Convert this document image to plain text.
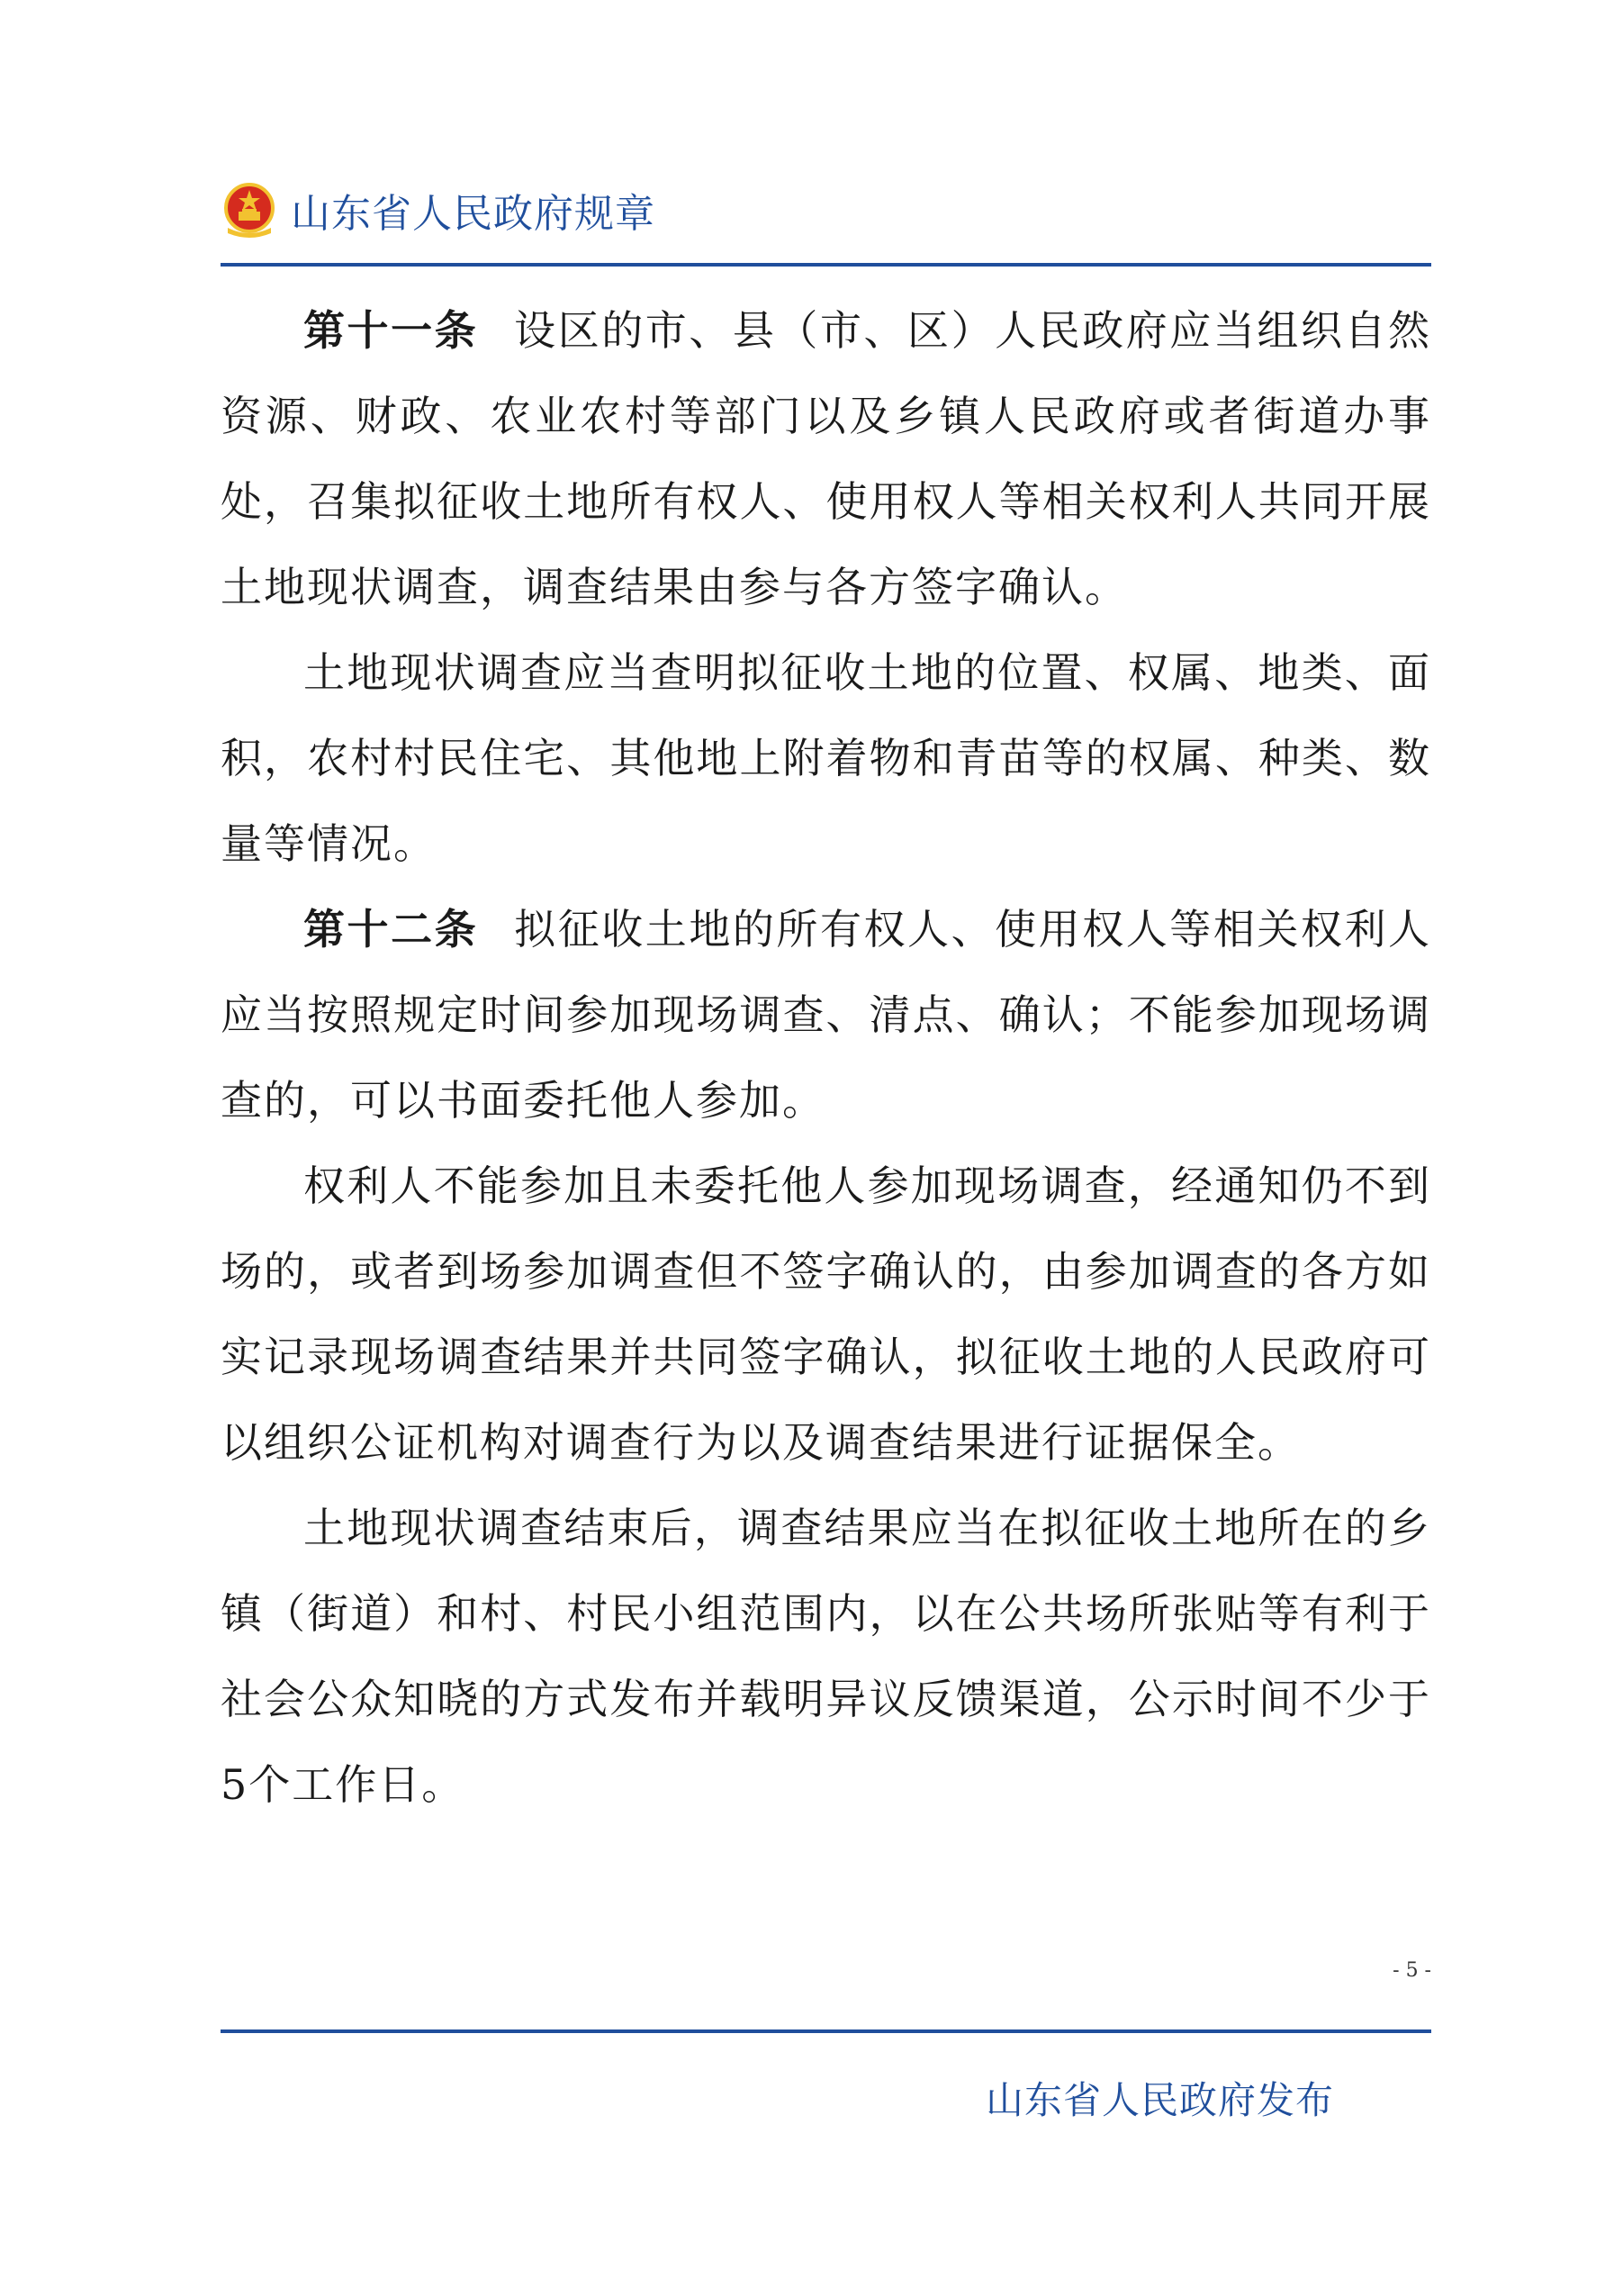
山东省人民政府规章

第十一条 设区的市、县（市、区）人民政府应当组织自然资源、财政、农业农村等部门以及乡镇人民政府或者街道办事处，召集拟征收土地所有权人、使用权人等相关权利人共同开展土地现状调查，调查结果由参与各方签字确认。

土地现状调查应当查明拟征收土地的位置、权属、地类、面积，农村村民住宅、其他地上附着物和青苗等的权属、种类、数量等情况。

第十二条 拟征收土地的所有权人、使用权人等相关权利人应当按照规定时间参加现场调查、清点、确认；不能参加现场调查的，可以书面委托他人参加。

权利人不能参加且未委托他人参加现场调查，经通知仍不到场的，或者到场参加调查但不签字确认的，由参加调查的各方如实记录现场调查结果并共同签字确认，拟征收土地的人民政府可以组织公证机构对调查行为以及调查结果进行证据保全。

土地现状调查结束后，调查结果应当在拟征收土地所在的乡镇（街道）和村、村民小组范围内，以在公共场所张贴等有利于社会公众知晓的方式发布并载明异议反馈渠道，公示时间不少于5个工作日。

- 5 -
山东省人民政府发布
